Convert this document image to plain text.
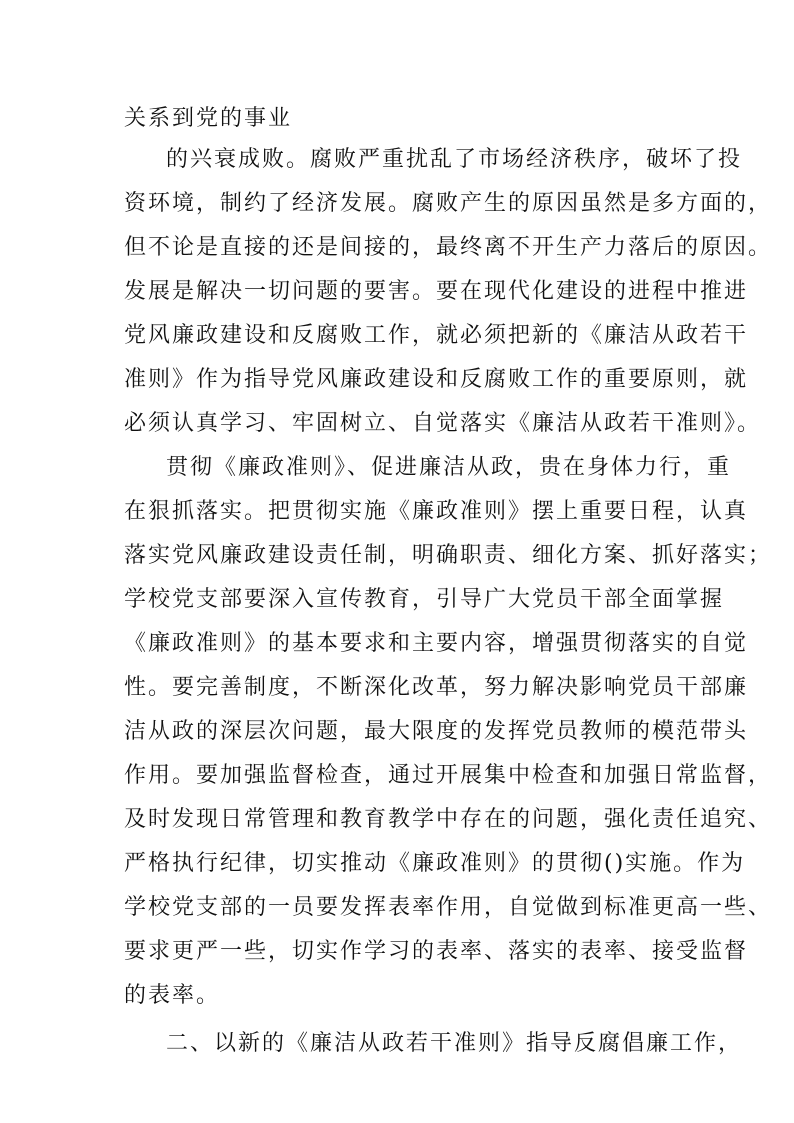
关系到党的事业
的兴衰成败。腐败严重扰乱了市场经济秩序，破坏了投
资环境，制约了经济发展。腐败产生的原因虽然是多方面的，
但不论是直接的还是间接的，最终离不开生产力落后的原因。
发展是解决一切问题的要害。要在现代化建设的进程中推进
党风廉政建设和反腐败工作，就必须把新的《廉洁从政若干
准则》作为指导党风廉政建设和反腐败工作的重要原则，就
必须认真学习、牢固树立、自觉落实《廉洁从政若干准则》。
贯彻《廉政准则》、促进廉洁从政，贵在身体力行，重
在狠抓落实。把贯彻实施《廉政准则》摆上重要日程，认真
落实党风廉政建设责任制，明确职责、细化方案、抓好落实；
学校党支部要深入宣传教育，引导广大党员干部全面掌握
《廉政准则》的基本要求和主要内容，增强贯彻落实的自觉
性。要完善制度，不断深化改革，努力解决影响党员干部廉
洁从政的深层次问题，最大限度的发挥党员教师的模范带头
作用。要加强监督检查，通过开展集中检查和加强日常监督，
及时发现日常管理和教育教学中存在的问题，强化责任追究、
严格执行纪律，切实推动《廉政准则》的贯彻()实施。作为
学校党支部的一员要发挥表率作用，自觉做到标准更高一些、
要求更严一些，切实作学习的表率、落实的表率、接受监督
的表率。
二、以新的《廉洁从政若干准则》指导反腐倡廉工作，
